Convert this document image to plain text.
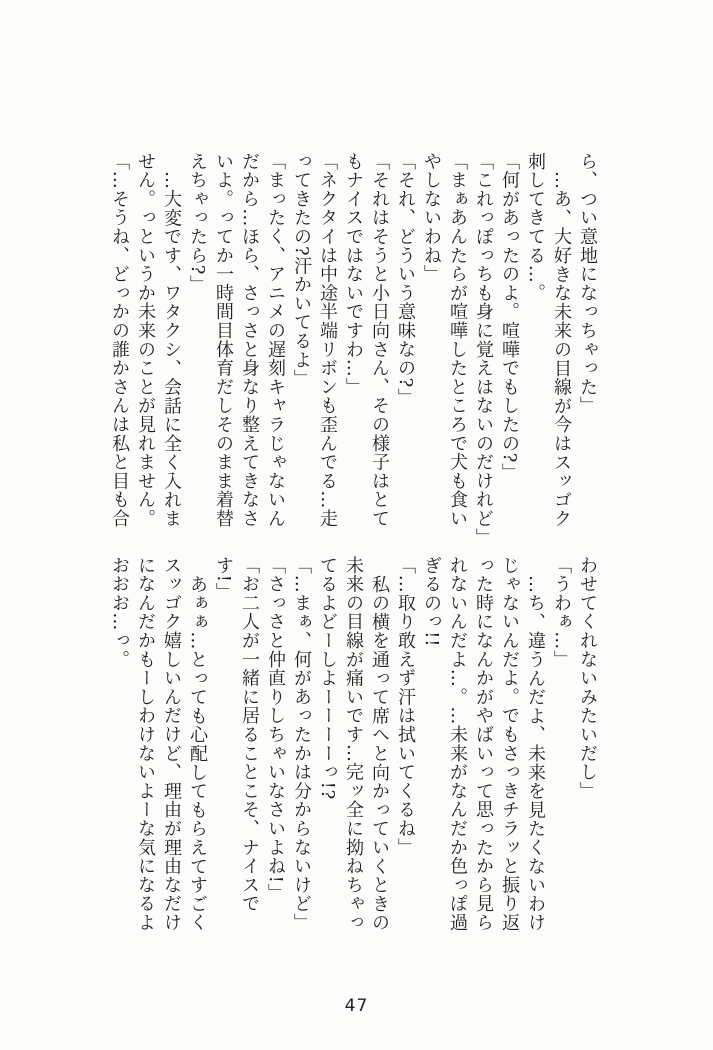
ら、つい意地になっちゃった」
…あ、大好きな未来の目線が今はスッゴク
刺してきてる…。
「何があったのよ。喧嘩でもしたの?」
「これっぽっちも身に覚えはないのだけれど」
「まぁあんたらが喧嘩したところで犬も食い
やしないわね」
「それ、どういう意味なの?」
「それはそうと小日向さん、その様子はとて
もナイスではないですわ…」
「ネクタイは中途半端リボンも歪んでる…走
ってきたの?汗かいてるよ」
「まったく、アニメの遅刻キャラじゃないん
だから…ほら、さっさと身なり整えてきなさ
いよ。ってか一時間目体育だしそのまま着替
えちゃったら?」
…大変です、ワタクシ、会話に全く入れま
せん。っというか未来のことが見れません。
「…そうね、どっかの誰かさんは私と目も合
わせてくれないみたいだし」
「うわぁ…」
…ち、違うんだよ、未来を見たくないわけ
じゃないんだよ。でもさっきチラッと振り返
った時になんかがやばいって思ったから見ら
れないんだよ…。…未来がなんだか色っぽ過
ぎるのっ!!
「…取り敢えず汗は拭いてくるね」
私の横を通って席へと向かっていくときの
未来の目線が痛いです…完ッ全に拗ねちゃっ
てるよどーしよーーーーっ!?
「…まぁ、何があったかは分からないけど」
「さっさと仲直りしちゃいなさいよね!」
「お二人が一緒に居ることこそ、ナイスで
す!」
あぁぁ…とっても心配してもらえてすごく
スッゴク嬉しいんだけど、理由が理由なだけ
になんだかもーしわけないよーな気になるよ
おおお…っ。
47
